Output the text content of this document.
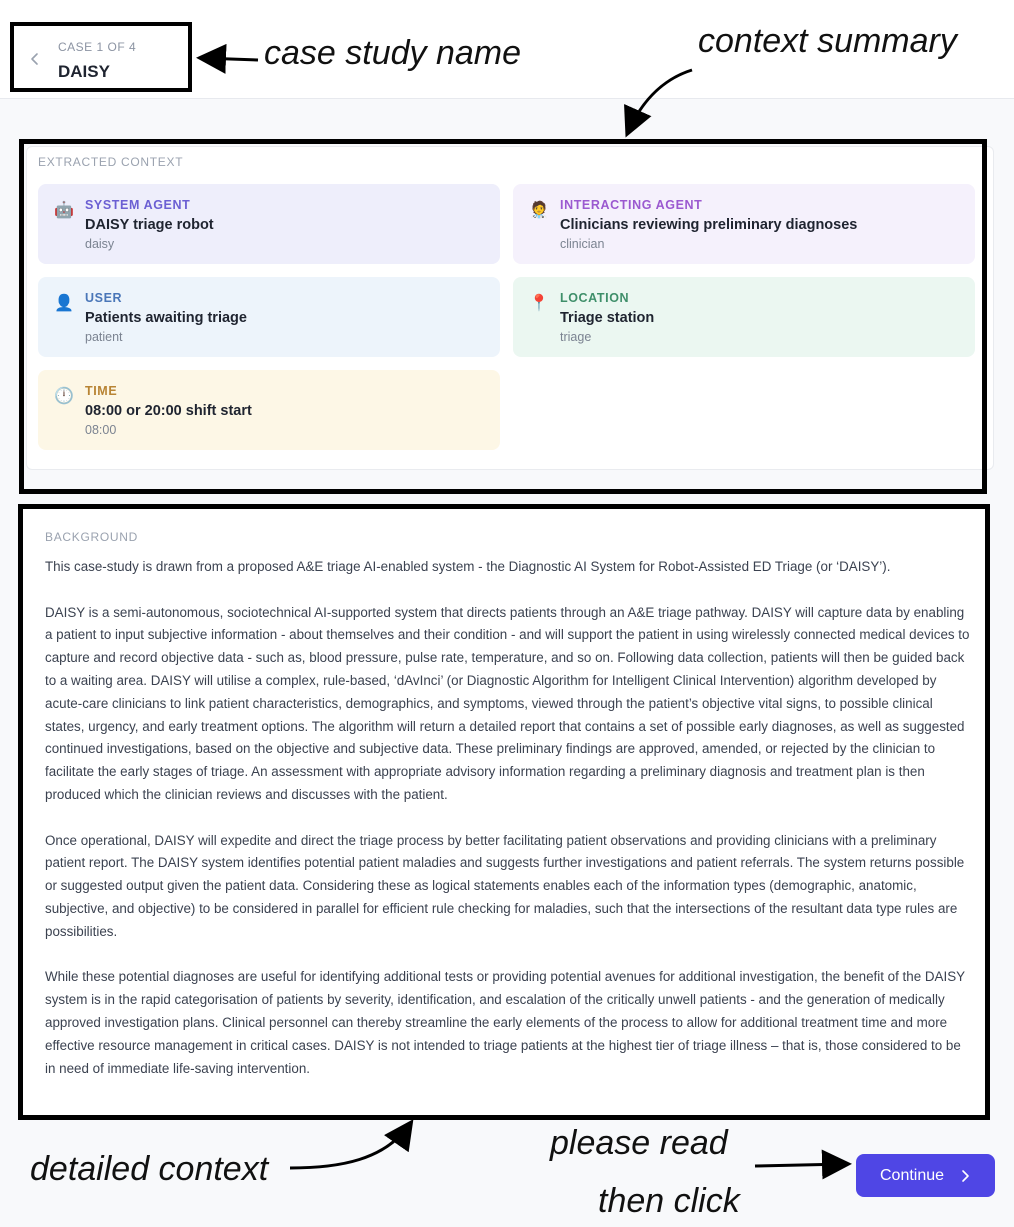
CASE 1 OF 4
DAISY
EXTRACTED CONTEXT
🤖 SYSTEM AGENT
DAISY triage robot
daisy
🧑‍⚕️ INTERACTING AGENT
Clinicians reviewing preliminary diagnoses
clinician
👤 USER
Patients awaiting triage
patient
📍 LOCATION
Triage station
triage
🕛 TIME
08:00 or 20:00 shift start
08:00
BACKGROUND

This case-study is drawn from a proposed A&E triage AI-enabled system - the Diagnostic AI System for Robot-Assisted ED Triage (or ‘DAISY’).

DAISY is a semi-autonomous, sociotechnical AI-supported system that directs patients through an A&E triage pathway. DAISY will capture data by enabling a patient to input subjective information - about themselves and their condition - and will support the patient in using wirelessly connected medical devices to capture and record objective data - such as, blood pressure, pulse rate, temperature, and so on. Following data collection, patients will then be guided back to a waiting area. DAISY will utilise a complex, rule-based, ‘dAvInci’ (or Diagnostic Algorithm for Intelligent Clinical Intervention) algorithm developed by acute-care clinicians to link patient characteristics, demographics, and symptoms, viewed through the patient’s objective vital signs, to possible clinical states, urgency, and early treatment options. The algorithm will return a detailed report that contains a set of possible early diagnoses, as well as suggested continued investigations, based on the objective and subjective data. These preliminary findings are approved, amended, or rejected by the clinician to facilitate the early stages of triage. An assessment with appropriate advisory information regarding a preliminary diagnosis and treatment plan is then produced which the clinician reviews and discusses with the patient.

Once operational, DAISY will expedite and direct the triage process by better facilitating patient observations and providing clinicians with a preliminary patient report. The DAISY system identifies potential patient maladies and suggests further investigations and patient referrals. The system returns possible or suggested output given the patient data. Considering these as logical statements enables each of the information types (demographic, anatomic, subjective, and objective) to be considered in parallel for efficient rule checking for maladies, such that the intersections of the resultant data type rules are possibilities.

While these potential diagnoses are useful for identifying additional tests or providing potential avenues for additional investigation, the benefit of the DAISY system is in the rapid categorisation of patients by severity, identification, and escalation of the critically unwell patients - and the generation of medically approved investigation plans. Clinical personnel can thereby streamline the early elements of the process to allow for additional treatment time and more effective resource management in critical cases. DAISY is not intended to triage patients at the highest tier of triage illness – that is, those considered to be in need of immediate life-saving intervention.

Continue
case study name	context summary
detailed context
please read
then click
